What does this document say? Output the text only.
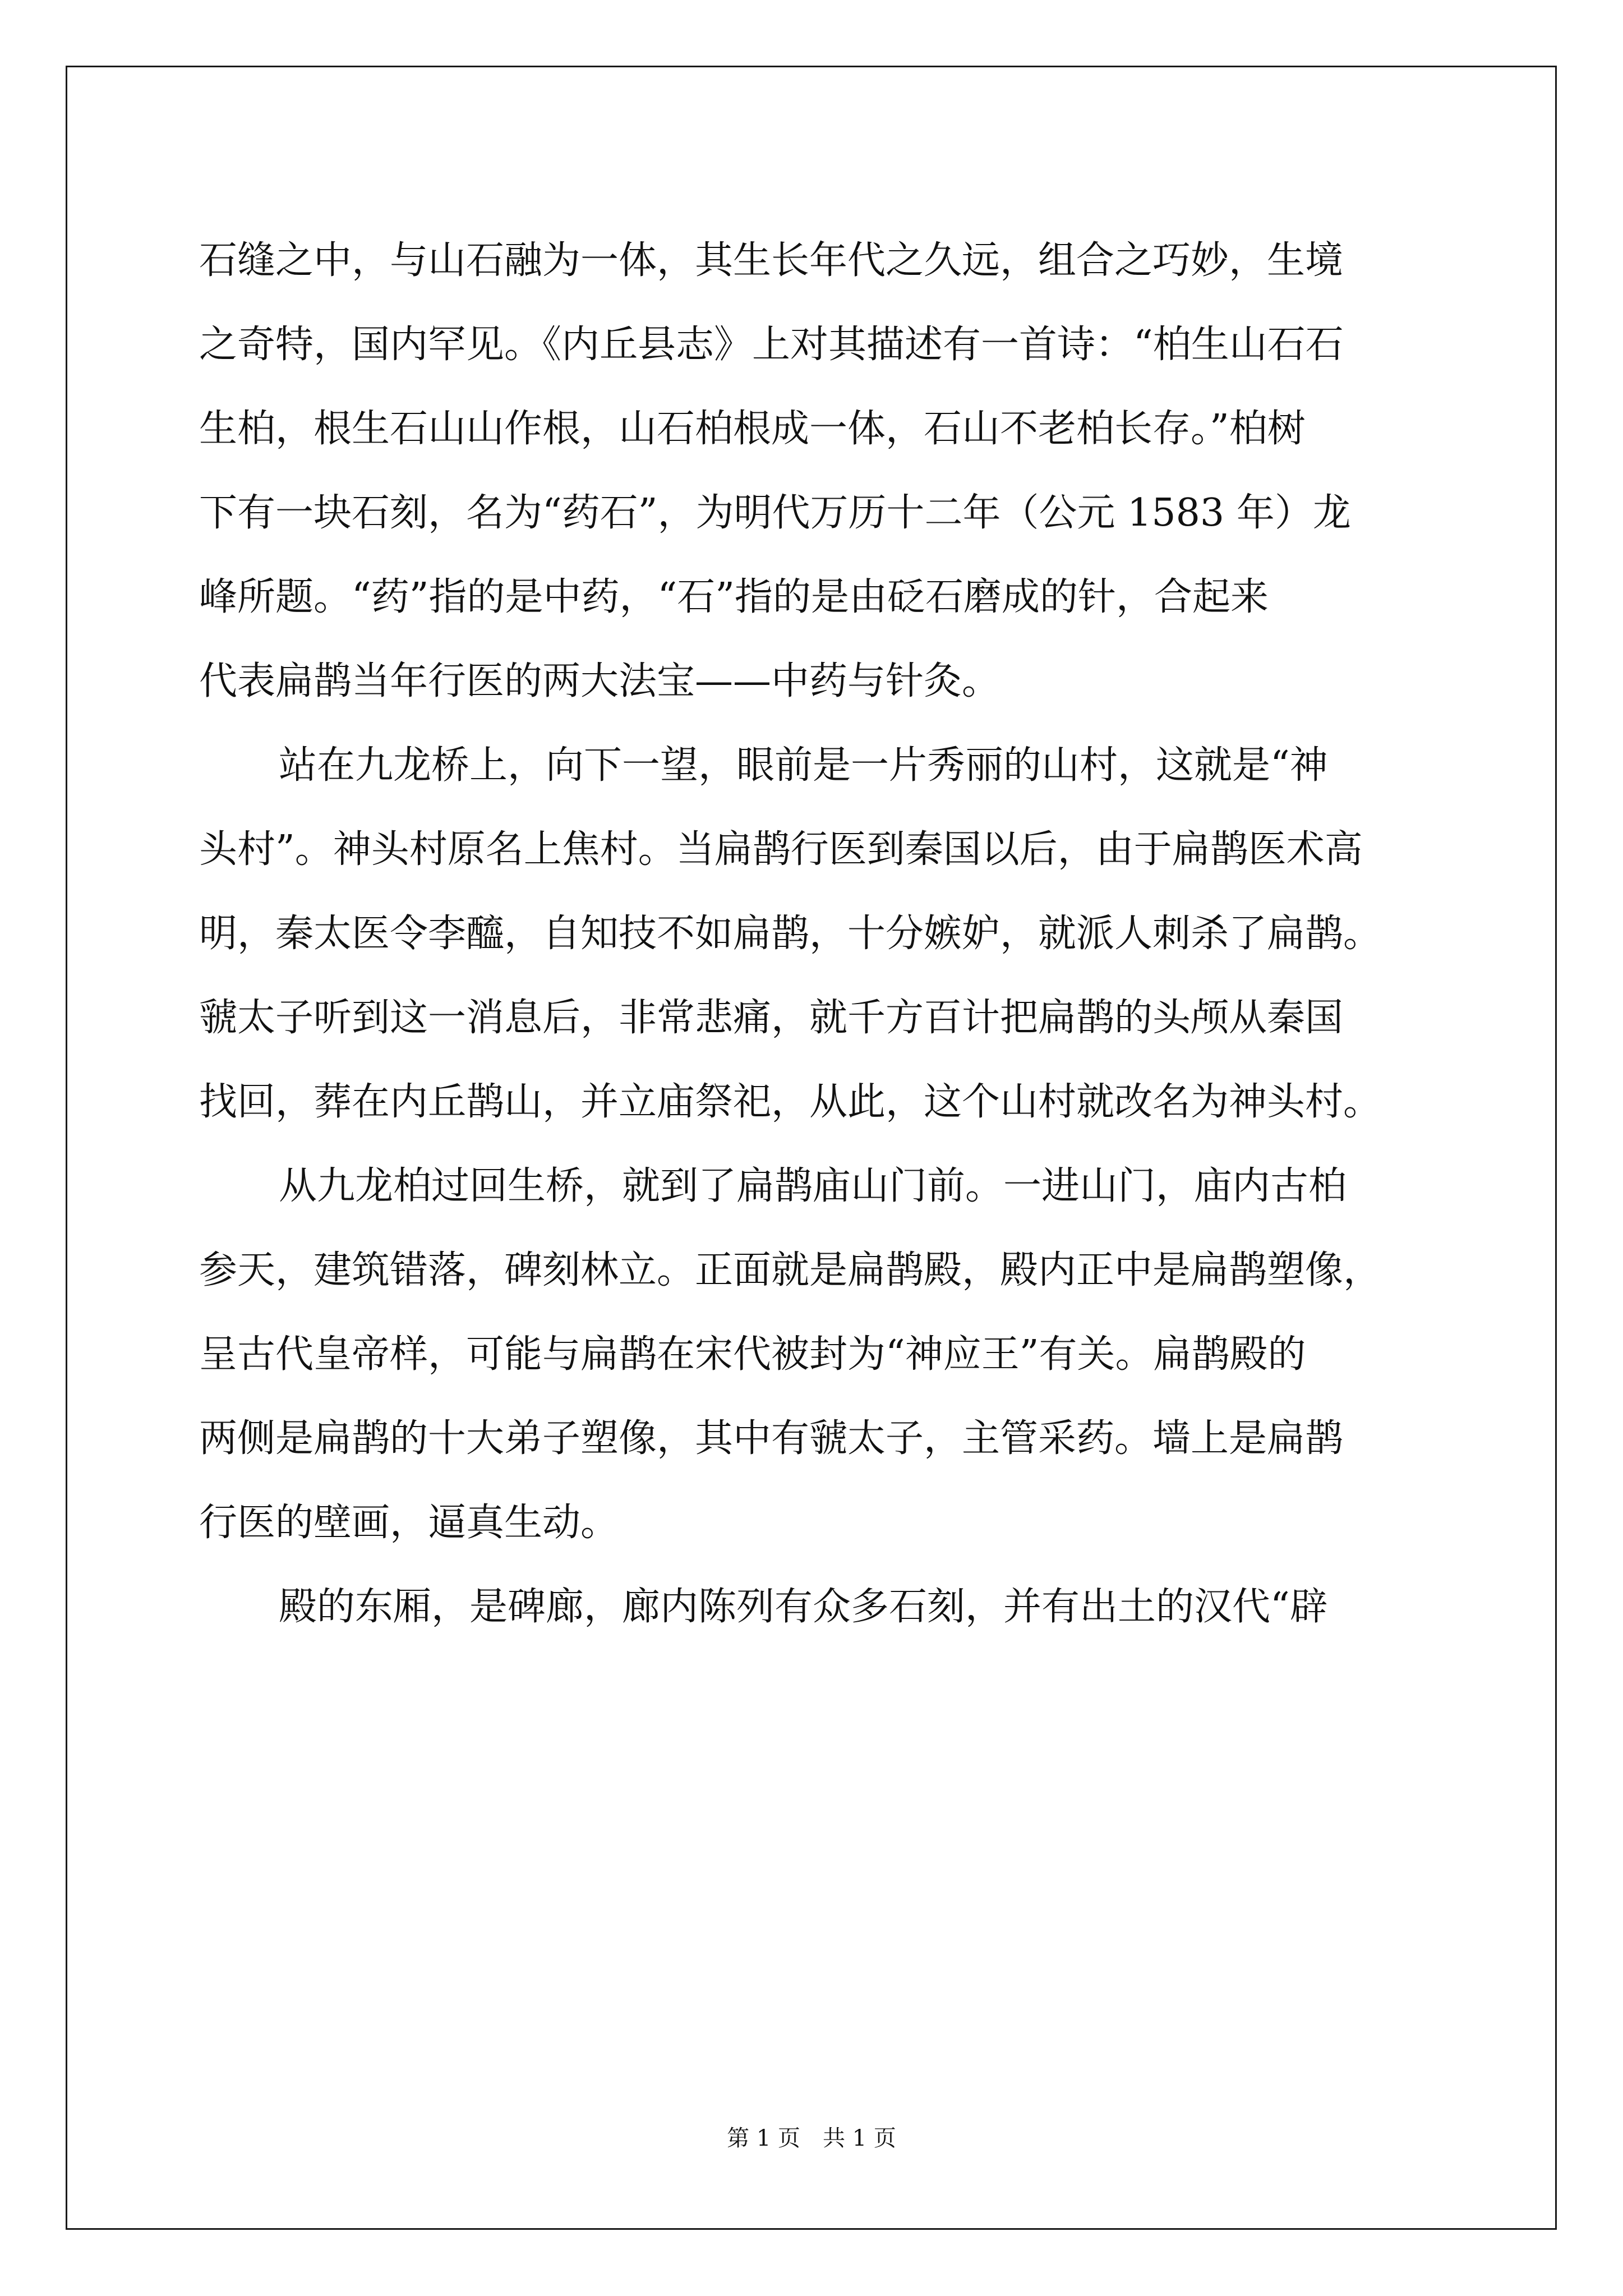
石缝之中，与山石融为一体，其生长年代之久远，组合之巧妙，生境
之奇特，国内罕见。《内丘县志》上对其描述有一首诗：“柏生山石石
生柏，根生石山山作根，山石柏根成一体，石山不老柏长存。”柏树
下有一块石刻，名为“药石”，为明代万历十二年（公元 1583 年）龙
峰所题。“药”指的是中药，“石”指的是由砭石磨成的针，合起来
代表扁鹊当年行医的两大法宝——中药与针灸。
站在九龙桥上，向下一望，眼前是一片秀丽的山村，这就是“神
头村”。神头村原名上焦村。当扁鹊行医到秦国以后，由于扁鹊医术高
明，秦太医令李醯，自知技不如扁鹊，十分嫉妒，就派人刺杀了扁鹊。
虢太子听到这一消息后，非常悲痛，就千方百计把扁鹊的头颅从秦国
找回，葬在内丘鹊山，并立庙祭祀，从此，这个山村就改名为神头村。
从九龙柏过回生桥，就到了扁鹊庙山门前。一进山门，庙内古柏
参天，建筑错落，碑刻林立。正面就是扁鹊殿，殿内正中是扁鹊塑像，
呈古代皇帝样，可能与扁鹊在宋代被封为“神应王”有关。扁鹊殿的
两侧是扁鹊的十大弟子塑像，其中有虢太子，主管采药。墙上是扁鹊
行医的壁画，逼真生动。
殿的东厢，是碑廊，廊内陈列有众多石刻，并有出土的汉代“辟
第 1 页　共 1 页
